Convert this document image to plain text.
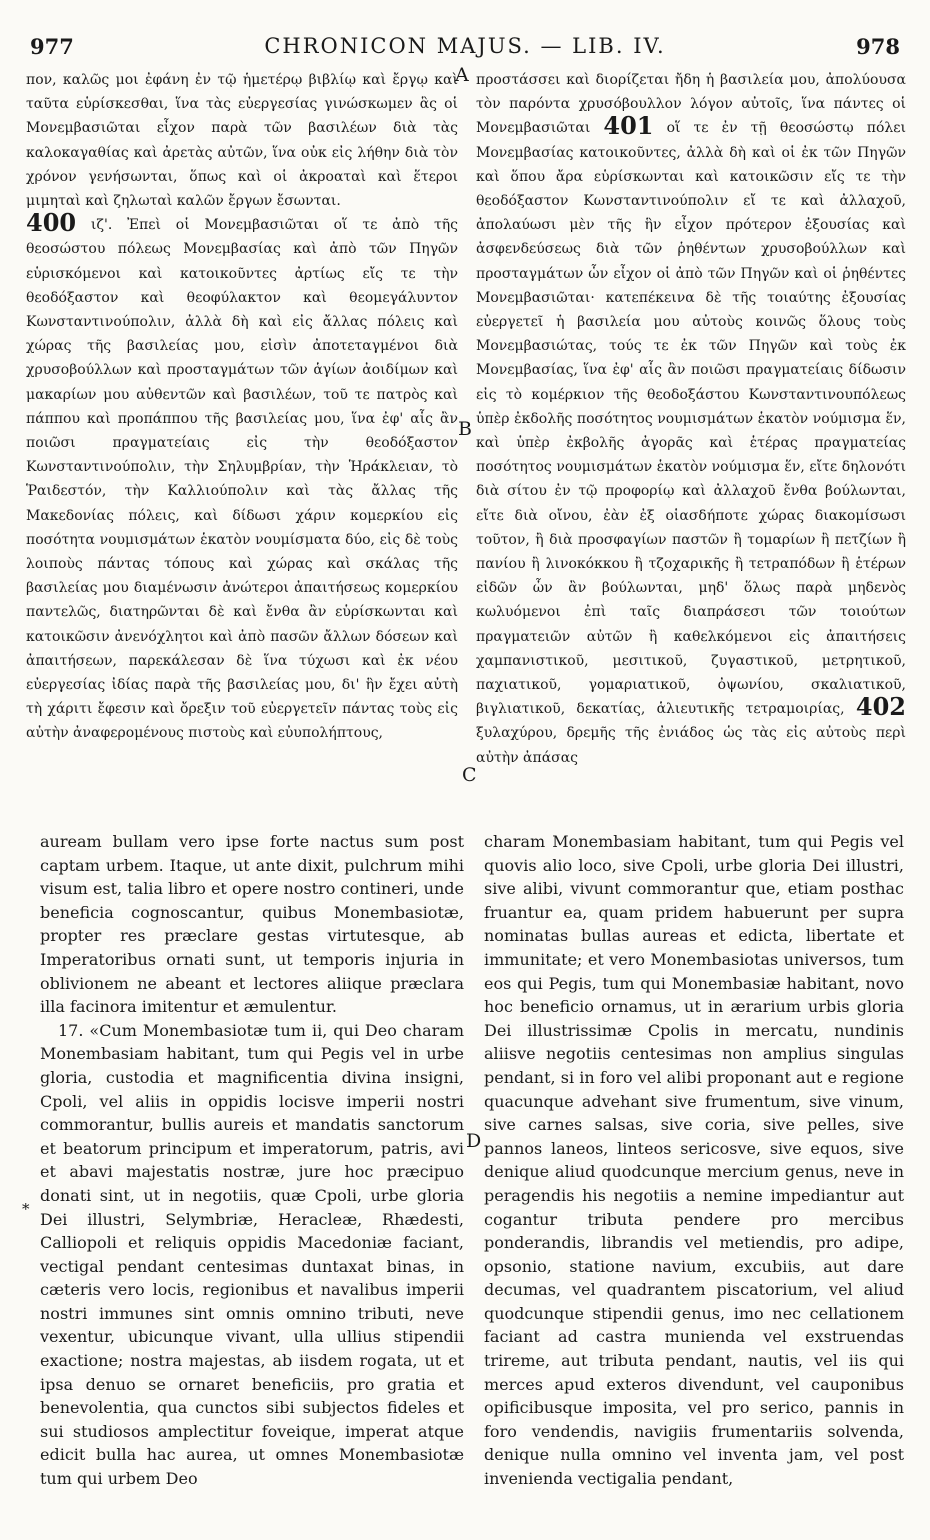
977	CHRONICON MAJUS. — LIB. IV.	978

πον, καλῶς μοι ἐφάνη ἐν τῷ ἡμετέρῳ βιβλίῳ καὶ ἔργῳ καὶ ταῦτα εὑρίσκεσθαι, ἵνα τὰς εὐεργεσίας γινώσκωμεν ἃς οἱ Μονεμβασιῶται εἶχον παρὰ τῶν βασιλέων διὰ τὰς καλοκαγαθίας καὶ ἀρετὰς αὐτῶν, ἵνα οὐκ εἰς λήθην διὰ τὸν χρόνον γενήσωνται, ὅπως καὶ οἱ ἀκροαταὶ καὶ ἕτεροι μιμηταὶ καὶ ζηλωταὶ καλῶν ἔργων ἔσωνται.

400 ιζ'. Ἐπεὶ οἱ Μονεμβασιῶται οἵ τε ἀπὸ τῆς θεοσώστου πόλεως Μονεμβασίας καὶ ἀπὸ τῶν Πηγῶν εὑρισκόμενοι καὶ κατοικοῦντες ἀρτίως εἴς τε τὴν θεοδόξαστον καὶ θεοφύλακτον καὶ θεομεγάλυντον Κωνσταντινούπολιν, ἀλλὰ δὴ καὶ εἰς ἄλλας πόλεις καὶ χώρας τῆς βασιλείας μου, εἰσὶν ἀποτεταγμένοι διὰ χρυσοβούλλων καὶ προσταγμάτων τῶν ἁγίων ἀοιδίμων καὶ μακαρίων μου αὐθεντῶν καὶ βασιλέων, τοῦ τε πατρὸς καὶ πάππου καὶ προπάππου τῆς βασιλείας μου, ἵνα ἐφ' αἷς ἂν ποιῶσι πραγματείαις εἰς τὴν θεοδόξαστον Κωνσταντινούπολιν, τὴν Σηλυμβρίαν, τὴν Ἡράκλειαν, τὸ Ῥαιδεστόν, τὴν Καλλιούπολιν καὶ τὰς ἄλλας τῆς Μακεδονίας πόλεις, καὶ δίδωσι χάριν κομερκίου εἰς ποσότητα νουμισμάτων ἑκατὸν νουμίσματα δύο, εἰς δὲ τοὺς λοιποὺς πάντας τόπους καὶ χώρας καὶ σκάλας τῆς βασιλείας μου διαμένωσιν ἀνώτεροι ἀπαιτήσεως κομερκίου παντελῶς, διατηρῶνται δὲ καὶ ἔνθα ἂν εὑρίσκωνται καὶ κατοικῶσιν ἀνενόχλητοι καὶ ἀπὸ πασῶν ἄλλων δόσεων καὶ ἀπαιτήσεων, παρεκάλεσαν δὲ ἵνα τύχωσι καὶ ἐκ νέου εὐεργεσίας ἰδίας παρὰ τῆς βασιλείας μου, δι' ἣν ἔχει αὐτὴ τὴ χάριτι ἔφεσιν καὶ ὄρεξιν τοῦ εὐεργετεῖν πάντας τοὺς εἰς αὐτὴν ἀναφερομένους πιστοὺς καὶ εὐυπολήπτους,

προστάσσει καὶ διορίζεται ἤδη ἡ βασιλεία μου, ἀπολύουσα τὸν παρόντα χρυσόβουλλον λόγον αὐτοῖς, ἵνα πάντες οἱ Μονεμβασιῶται 401 οἵ τε ἐν τῇ θεοσώστῳ πόλει Μονεμβασίας κατοικοῦντες, ἀλλὰ δὴ καὶ οἱ ἐκ τῶν Πηγῶν καὶ ὅπου ἄρα εὑρίσκωνται καὶ κατοικῶσιν εἴς τε τὴν θεοδόξαστον Κωνσταντινούπολιν εἴ τε καὶ ἀλλαχοῦ, ἀπολαύωσι μὲν τῆς ἣν εἶχον πρότερον ἐξουσίας καὶ ἀσφενδεύσεως διὰ τῶν ῥηθέντων χρυσοβούλλων καὶ προσταγμάτων ὧν εἶχον οἱ ἀπὸ τῶν Πηγῶν καὶ οἱ ῥηθέντες Μονεμβασιῶται· κατεπέκεινα δὲ τῆς τοιαύτης ἐξουσίας εὐεργετεῖ ἡ βασιλεία μου αὐτοὺς κοινῶς ὅλους τοὺς Μονεμβασιώτας, τούς τε ἐκ τῶν Πηγῶν καὶ τοὺς ἐκ Μονεμβασίας, ἵνα ἐφ' αἷς ἂν ποιῶσι πραγματείαις δίδωσιν εἰς τὸ κομέρκιον τῆς θεοδοξάστου Κωνσταντινουπόλεως ὑπὲρ ἐκδολῆς ποσότητος νουμισμάτων ἑκατὸν νούμισμα ἕν, καὶ ὑπὲρ ἐκβολῆς ἀγορᾶς καὶ ἑτέρας πραγματείας ποσότητος νουμισμάτων ἑκατὸν νούμισμα ἕν, εἴτε δηλονότι διὰ σίτου ἐν τῷ προφορίῳ καὶ ἀλλαχοῦ ἔνθα βούλωνται, εἴτε διὰ οἴνου, ἐὰν ἐξ οἱασδήποτε χώρας διακομίσωσι τοῦτον, ἢ διὰ προσφαγίων παστῶν ἢ τομαρίων ἢ πετζίων ἢ πανίου ἢ λινοκόκκου ἢ τζοχαρικῆς ἢ τετραπόδων ἢ ἑτέρων εἰδῶν ὧν ἂν βούλωνται, μηδ' ὅλως παρὰ μηδενὸς κωλυόμενοι ἐπὶ ταῖς διαπράσεσι τῶν τοιούτων πραγματειῶν αὐτῶν ἢ καθελκόμενοι εἰς ἀπαιτήσεις χαμπανιστικοῦ, μεσιτικοῦ, ζυγαστικοῦ, μετρητικοῦ, παχιατικοῦ, γομαριατικοῦ, ὀψωνίου, σκαλιατικοῦ, βιγλιατικοῦ, δεκατίας, ἁλιευτικῆς τετραμοιρίας, 402 ξυλαχύρου, δρεμῆς τῆς ἐνιάδος ὡς τὰς εἰς αὐτοὺς περὶ αὐτὴν ἀπάσας

auream bullam vero ipse forte nactus sum post captam urbem. Itaque, ut ante dixit, pulchrum mihi visum est, talia libro et opere nostro contineri, unde beneficia cognoscantur, quibus Monembasiotæ, propter res præclare gestas virtutesque, ab Imperatoribus ornati sunt, ut temporis injuria in oblivionem ne abeant et lectores aliique præclara illa facinora imitentur et æmulentur.

17. «Cum Monembasiotæ tum ii, qui Deo charam Monembasiam habitant, tum qui Pegis vel in urbe gloria, custodia et magnificentia divina insigni, Cpoli, vel aliis in oppidis locisve imperii nostri commorantur, bullis aureis et mandatis sanctorum et beatorum principum et imperatorum, patris, avi et abavi majestatis nostræ, jure hoc præcipuo donati sint, ut in negotiis, quæ Cpoli, urbe gloria Dei illustri, Selymbriæ, Heracleæ, Rhædesti, Calliopoli et reliquis oppidis Macedoniæ faciant, vectigal pendant centesimas duntaxat binas, in cæteris vero locis, regionibus et navalibus imperii nostri immunes sint omnis omnino tributi, neve vexentur, ubicunque vivant, ulla ullius stipendii exactione; nostra majestas, ab iisdem rogata, ut et ipsa denuo se ornaret beneficiis, pro gratia et benevolentia, qua cunctos sibi subjectos fideles et sui studiosos amplectitur foveique, imperat atque edicit bulla hac aurea, ut omnes Monembasiotæ tum qui urbem Deo

charam Monembasiam habitant, tum qui Pegis vel quovis alio loco, sive Cpoli, urbe gloria Dei illustri, sive alibi, vivunt commorantur que, etiam posthac fruantur ea, quam pridem habuerunt per supra nominatas bullas aureas et edicta, libertate et immunitate; et vero Monembasiotas universos, tum eos qui Pegis, tum qui Monembasiæ habitant, novo hoc beneficio ornamus, ut in ærarium urbis gloria Dei illustrissimæ Cpolis in mercatu, nundinis aliisve negotiis centesimas non amplius singulas pendant, si in foro vel alibi proponant aut e regione quacunque advehant sive frumentum, sive vinum, sive carnes salsas, sive coria, sive pelles, sive pannos laneos, linteos sericosve, sive equos, sive denique aliud quodcunque mercium genus, neve in peragendis his negotiis a nemine impediantur aut cogantur tributa pendere pro mercibus ponderandis, librandis vel metiendis, pro adipe, opsonio, statione navium, excubiis, aut dare decumas, vel quadrantem piscatorium, vel aliud quodcunque stipendii genus, imo nec cellationem faciant ad castra munienda vel exstruendas trireme, aut tributa pendant, nautis, vel iis qui merces apud exteros divendunt, vel cauponibus opificibusque imposita, vel pro serico, pannis in foro vendendis, navigiis frumentariis solvenda, denique nulla omnino vel inventa jam, vel post invenienda vectigalia pendant,

A
B
C
D
*
